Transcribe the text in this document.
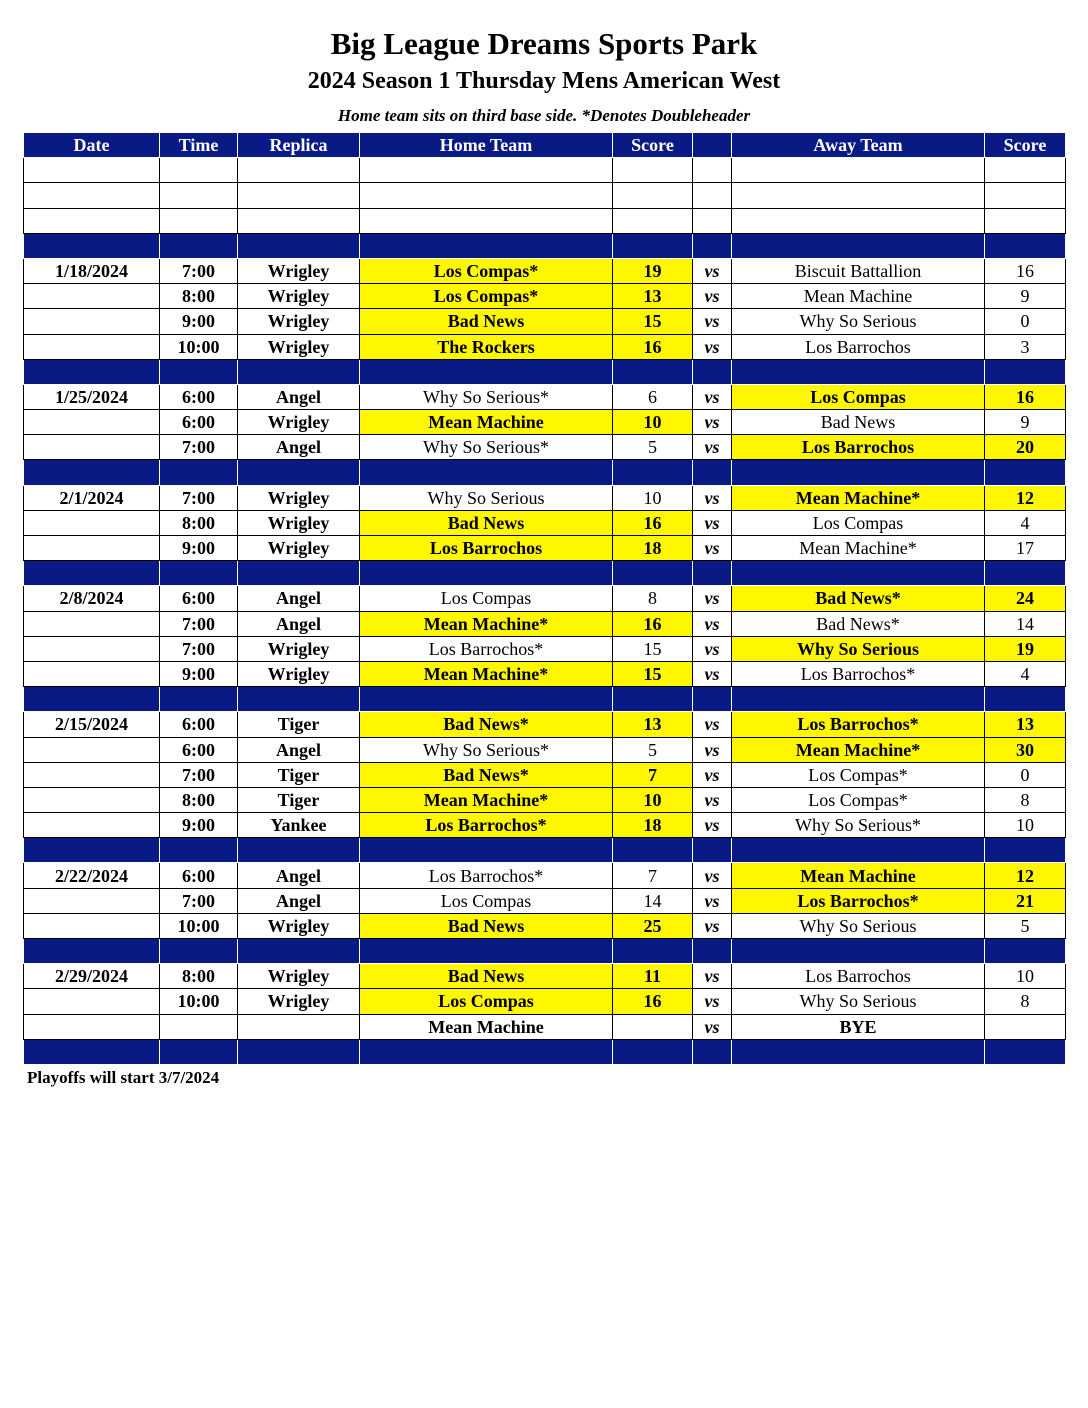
Big League Dreams Sports Park
2024 Season 1 Thursday Mens American West
Home team sits on third base side. *Denotes Doubleheader
Date	Time	Replica	Home Team	Score		Away Team	Score

1/18/2024	7:00	Wrigley	Los Compas*	19	vs	Biscuit Battallion	16
	8:00	Wrigley	Los Compas*	13	vs	Mean Machine	9
	9:00	Wrigley	Bad News	15	vs	Why So Serious	0
	10:00	Wrigley	The Rockers	16	vs	Los Barrochos	3

1/25/2024	6:00	Angel	Why So Serious*	6	vs	Los Compas	16
	6:00	Wrigley	Mean Machine	10	vs	Bad News	9
	7:00	Angel	Why So Serious*	5	vs	Los Barrochos	20

2/1/2024	7:00	Wrigley	Why So Serious	10	vs	Mean Machine*	12
	8:00	Wrigley	Bad News	16	vs	Los Compas	4
	9:00	Wrigley	Los Barrochos	18	vs	Mean Machine*	17

2/8/2024	6:00	Angel	Los Compas	8	vs	Bad News*	24
	7:00	Angel	Mean Machine*	16	vs	Bad News*	14
	7:00	Wrigley	Los Barrochos*	15	vs	Why So Serious	19
	9:00	Wrigley	Mean Machine*	15	vs	Los Barrochos*	4

2/15/2024	6:00	Tiger	Bad News*	13	vs	Los Barrochos*	13
	6:00	Angel	Why So Serious*	5	vs	Mean Machine*	30
	7:00	Tiger	Bad News*	7	vs	Los Compas*	0
	8:00	Tiger	Mean Machine*	10	vs	Los Compas*	8
	9:00	Yankee	Los Barrochos*	18	vs	Why So Serious*	10

2/22/2024	6:00	Angel	Los Barrochos*	7	vs	Mean Machine	12
	7:00	Angel	Los Compas	14	vs	Los Barrochos*	21
	10:00	Wrigley	Bad News	25	vs	Why So Serious	5

2/29/2024	8:00	Wrigley	Bad News	11	vs	Los Barrochos	10
	10:00	Wrigley	Los Compas	16	vs	Why So Serious	8
			Mean Machine		vs	BYE	

Playoffs will start 3/7/2024
